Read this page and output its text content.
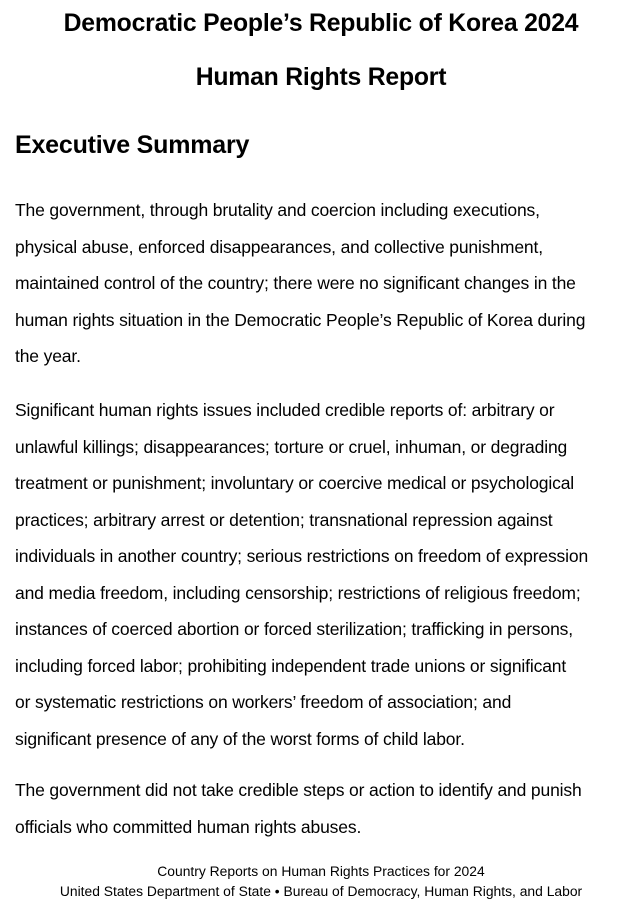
Democratic People’s Republic of Korea 2024
Human Rights Report
Executive Summary

The government, through brutality and coercion including executions,
physical abuse, enforced disappearances, and collective punishment,
maintained control of the country; there were no significant changes in the
human rights situation in the Democratic People’s Republic of Korea during
the year.

Significant human rights issues included credible reports of: arbitrary or
unlawful killings; disappearances; torture or cruel, inhuman, or degrading
treatment or punishment; involuntary or coercive medical or psychological
practices; arbitrary arrest or detention; transnational repression against
individuals in another country; serious restrictions on freedom of expression
and media freedom, including censorship; restrictions of religious freedom;
instances of coerced abortion or forced sterilization; trafficking in persons,
including forced labor; prohibiting independent trade unions or significant
or systematic restrictions on workers’ freedom of association; and
significant presence of any of the worst forms of child labor.

The government did not take credible steps or action to identify and punish
officials who committed human rights abuses.

Country Reports on Human Rights Practices for 2024
United States Department of State • Bureau of Democracy, Human Rights, and Labor
